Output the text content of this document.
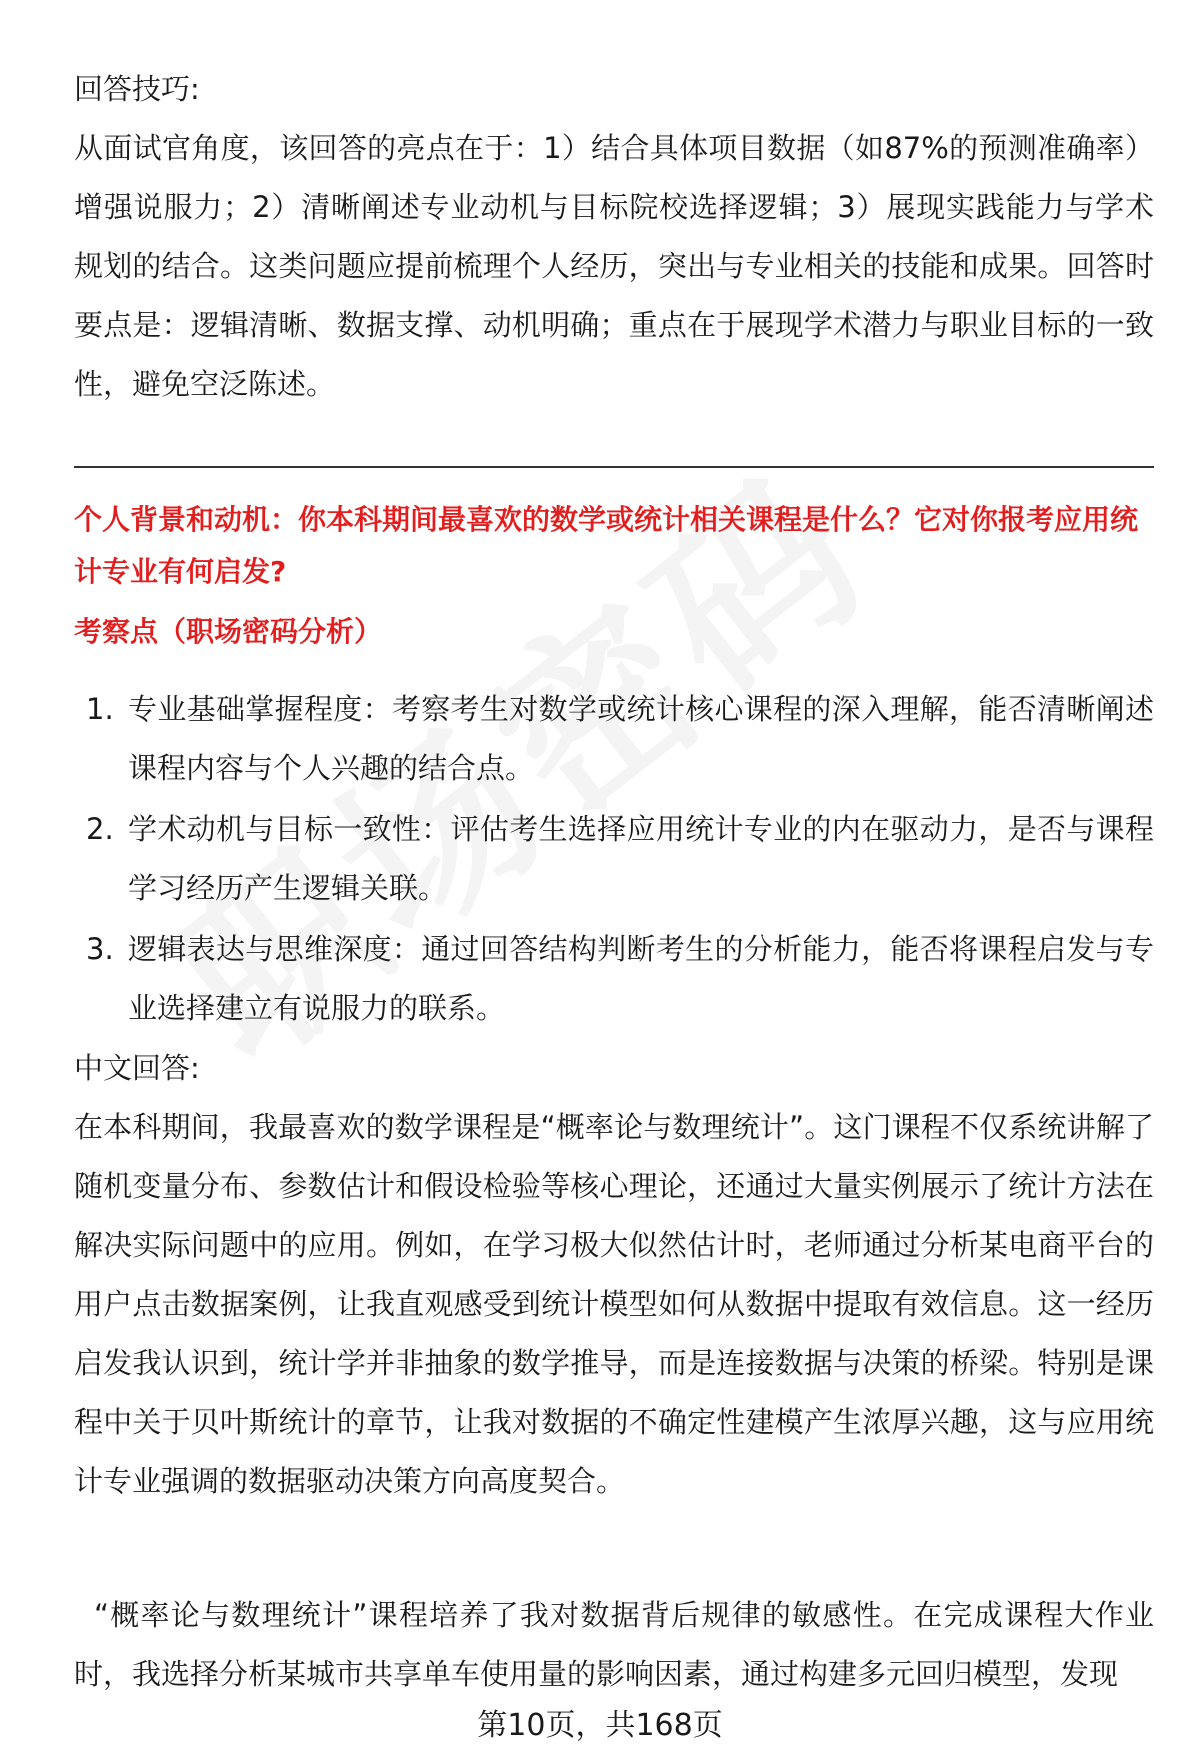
回答技巧:

从面试官角度，该回答的亮点在于：1）结合具体项目数据（如87%的预测准确率）增强说服力；2）清晰阐述专业动机与目标院校选择逻辑；3）展现实践能力与学术规划的结合。这类问题应提前梳理个人经历，突出与专业相关的技能和成果。回答时要点是：逻辑清晰、数据支撑、动机明确；重点在于展现学术潜力与职业目标的一致性，避免空泛陈述。

个人背景和动机：你本科期间最喜欢的数学或统计相关课程是什么？它对你报考应用统计专业有何启发?

考察点（职场密码分析）

1. 专业基础掌握程度：考察考生对数学或统计核心课程的深入理解，能否清晰阐述课程内容与个人兴趣的结合点。
2. 学术动机与目标一致性：评估考生选择应用统计专业的内在驱动力，是否与课程学习经历产生逻辑关联。
3. 逻辑表达与思维深度：通过回答结构判断考生的分析能力，能否将课程启发与专业选择建立有说服力的联系。

中文回答:

在本科期间，我最喜欢的数学课程是“概率论与数理统计”。这门课程不仅系统讲解了随机变量分布、参数估计和假设检验等核心理论，还通过大量实例展示了统计方法在解决实际问题中的应用。例如，在学习极大似然估计时，老师通过分析某电商平台的用户点击数据案例，让我直观感受到统计模型如何从数据中提取有效信息。这一经历启发我认识到，统计学并非抽象的数学推导，而是连接数据与决策的桥梁。特别是课程中关于贝叶斯统计的章节，让我对数据的不确定性建模产生浓厚兴趣，这与应用统计专业强调的数据驱动决策方向高度契合。

“概率论与数理统计”课程培养了我对数据背后规律的敏感性。在完成课程大作业时，我选择分析某城市共享单车使用量的影响因素，通过构建多元回归模型，发现

第10页，共168页
